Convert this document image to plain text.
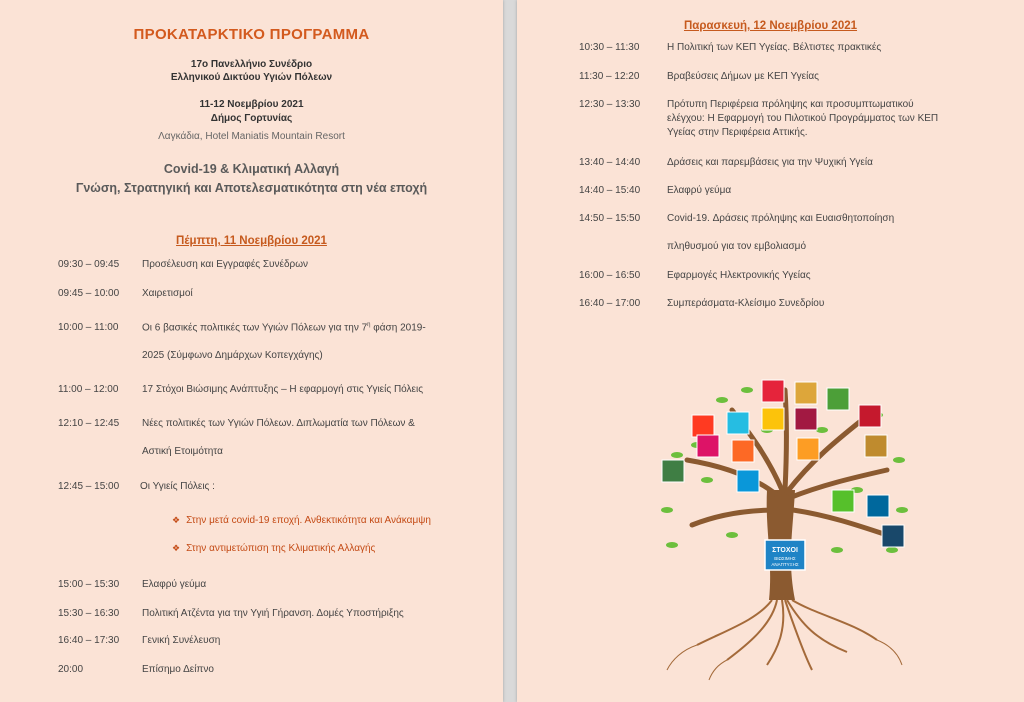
ΠΡΟΚΑΤΑΡΚΤΙΚΟ ΠΡΟΓΡΑΜΜΑ
17ο Πανελλήνιο Συνέδριο
Ελληνικού Δικτύου Υγιών Πόλεων
11-12 Νοεμβρίου 2021
Δήμος Γορτυνίας
Λαγκάδια, Hotel Maniatis Mountain Resort
Covid-19 & Κλιματική Αλλαγή
Γνώση, Στρατηγική και Αποτελεσματικότητα στη νέα εποχή
Πέμπτη, 11 Νοεμβρίου 2021
09:30 – 09:45 Προσέλευση και Εγγραφές Συνέδρων
09:45 – 10:00 Χαιρετισμοί
10:00 – 11:00 Οι 6 βασικές πολιτικές των Υγιών Πόλεων για την $7^\eta$ φάση 2019-
2025 (Σύμφωνο Δημάρχων Κοπεγχάγης)
11:00 – 12:00 17 Στόχοι Βιώσιμης Ανάπτυξης – Η εφαρμογή στις Υγιείς Πόλεις
12:10 – 12:45 Νέες πολιτικές των Υγιών Πόλεων. Διπλωματία των Πόλεων &
Αστική Ετοιμότητα
12:45 – 15:00 Οι Υγιείς Πόλεις :
❖ Στην μετά covid-19 εποχή. Ανθεκτικότητα και Ανάκαμψη
❖ Στην αντιμετώπιση της Κλιματικής Αλλαγής
15:00 – 15:30 Ελαφρύ γεύμα
15:30 – 16:30 Πολιτική Ατζέντα για την Υγιή Γήρανση. Δομές Υποστήριξης
16:40 – 17:30 Γενική Συνέλευση
20:00	Επίσημο Δείπνο
Παρασκευή, 12 Νοεμβρίου 2021
10:30 – 11:30	Η Πολιτική των ΚΕΠ Υγείας. Βέλτιστες πρακτικές
11:30 – 12:20	Βραβεύσεις Δήμων με ΚΕΠ Υγείας
12:30 – 13:30	Πρότυπη Περιφέρεια πρόληψης και προσυμπτωματικού
ελέγχου: Η Εφαρμογή του Πιλοτικού Προγράμματος των ΚΕΠ
Υγείας στην Περιφέρεια Αττικής.
13:40 – 14:40	Δράσεις και παρεμβάσεις για την Ψυχική Υγεία
14:40 – 15:40	Ελαφρύ γεύμα
14:50 – 15:50	Covid-19. Δράσεις πρόληψης και Ευαισθητοποίηση
πληθυσμού για τον εμβολιασμό
16:00 – 16:50	Εφαρμογές Ηλεκτρονικής Υγείας
16:40 – 17:00	Συμπεράσματα-Κλείσιμο Συνεδρίου
ΣΤΟΧΟΙ
ΒΙΩΣΙΜΗΣ
ΑΝΑΠΤΥΞΗΣ
